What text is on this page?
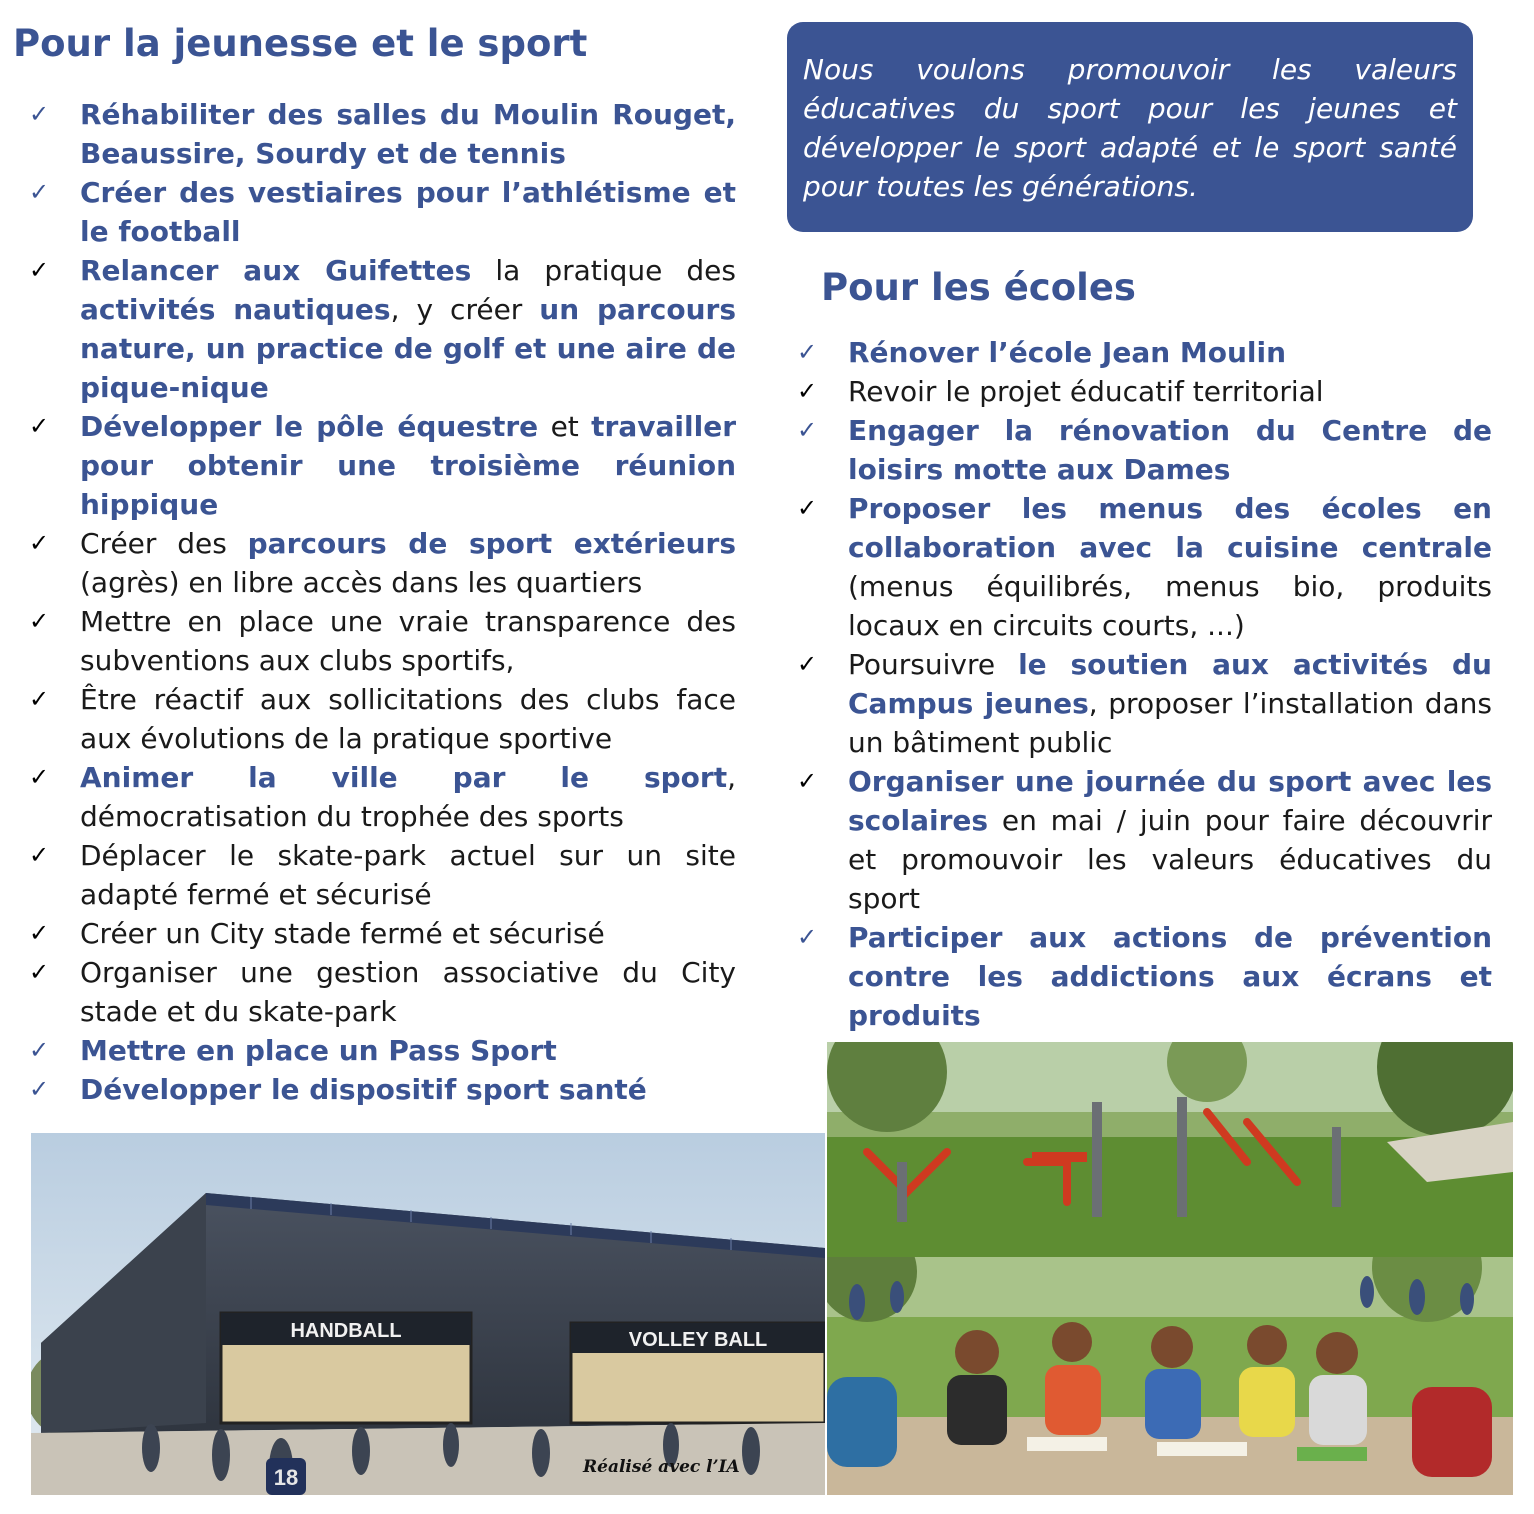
Pour la jeunesse et le sport
✓ Réhabiliter des salles du Moulin Rouget, Beaussire, Sourdy et de tennis
✓ Créer des vestiaires pour l’athlétisme et le football
✓ Relancer aux Guifettes la pratique des activités nautiques, y créer un parcours nature, un practice de golf et une aire de pique-nique
✓ Développer le pôle équestre et travailler pour obtenir une troisième réunion hippique
✓ Créer des parcours de sport extérieurs (agrès) en libre accès dans les quartiers
✓ Mettre en place une vraie transparence des subventions aux clubs sportifs,
✓ Être réactif aux sollicitations des clubs face aux évolutions de la pratique sportive
✓ Animer la ville par le sport, démocratisation du trophée des sports
✓ Déplacer le skate-park actuel sur un site adapté fermé et sécurisé
✓ Créer un City stade fermé et sécurisé
✓ Organiser une gestion associative du City stade et du skate-park
✓ Mettre en place un Pass Sport
✓ Développer le dispositif sport santé

Nous voulons promouvoir les valeurs éducatives du sport pour les jeunes et développer le sport adapté et le sport santé pour toutes les générations.

Pour les écoles
✓ Rénover l’école Jean Moulin
✓ Revoir le projet éducatif territorial
✓ Engager la rénovation du Centre de loisirs motte aux Dames
✓ Proposer les menus des écoles en collaboration avec la cuisine centrale (menus équilibrés, menus bio, produits locaux en circuits courts, ...)
✓ Poursuivre le soutien aux activités du Campus jeunes, proposer l’installation dans un bâtiment public
✓ Organiser une journée du sport avec les scolaires en mai / juin pour faire découvrir et promouvoir les valeurs éducatives du sport
✓ Participer aux actions de prévention contre les addictions aux écrans et produits
HANDBALL	VOLLEY BALL
18	Réalisé avec l’IA
